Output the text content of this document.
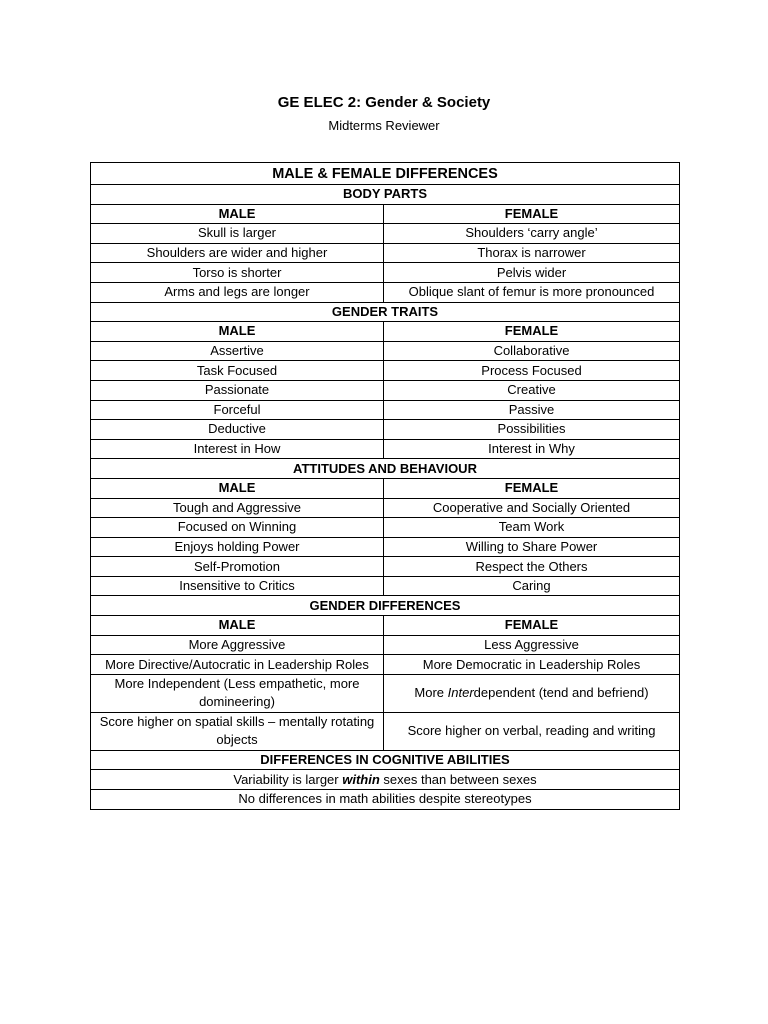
GE ELEC 2: Gender & Society
Midterms Reviewer
MALE & FEMALE DIFFERENCES	
BODY PARTS	
MALE	FEMALE
Skull is larger	Shoulders ‘carry angle’
Shoulders are wider and higher	Thorax is narrower
Torso is shorter	Pelvis wider
Arms and legs are longer	Oblique slant of femur is more pronounced
GENDER TRAITS	
MALE	FEMALE
Assertive	Collaborative
Task Focused	Process Focused
Passionate	Creative
Forceful	Passive
Deductive	Possibilities
Interest in How	Interest in Why
ATTITUDES AND BEHAVIOUR	
MALE	FEMALE
Tough and Aggressive	Cooperative and Socially Oriented
Focused on Winning	Team Work
Enjoys holding Power	Willing to Share Power
Self-Promotion	Respect the Others
Insensitive to Critics	Caring
GENDER DIFFERENCES	
MALE	FEMALE
More Aggressive	Less Aggressive
More Directive/Autocratic in Leadership Roles	More Democratic in Leadership Roles
More Independent (Less empathetic, more domineering)	More Interdependent (tend and befriend)
Score higher on spatial skills – mentally rotating objects	Score higher on verbal, reading and writing
DIFFERENCES IN COGNITIVE ABILITIES	
Variability is larger within sexes than between sexes	
No differences in math abilities despite stereotypes	
